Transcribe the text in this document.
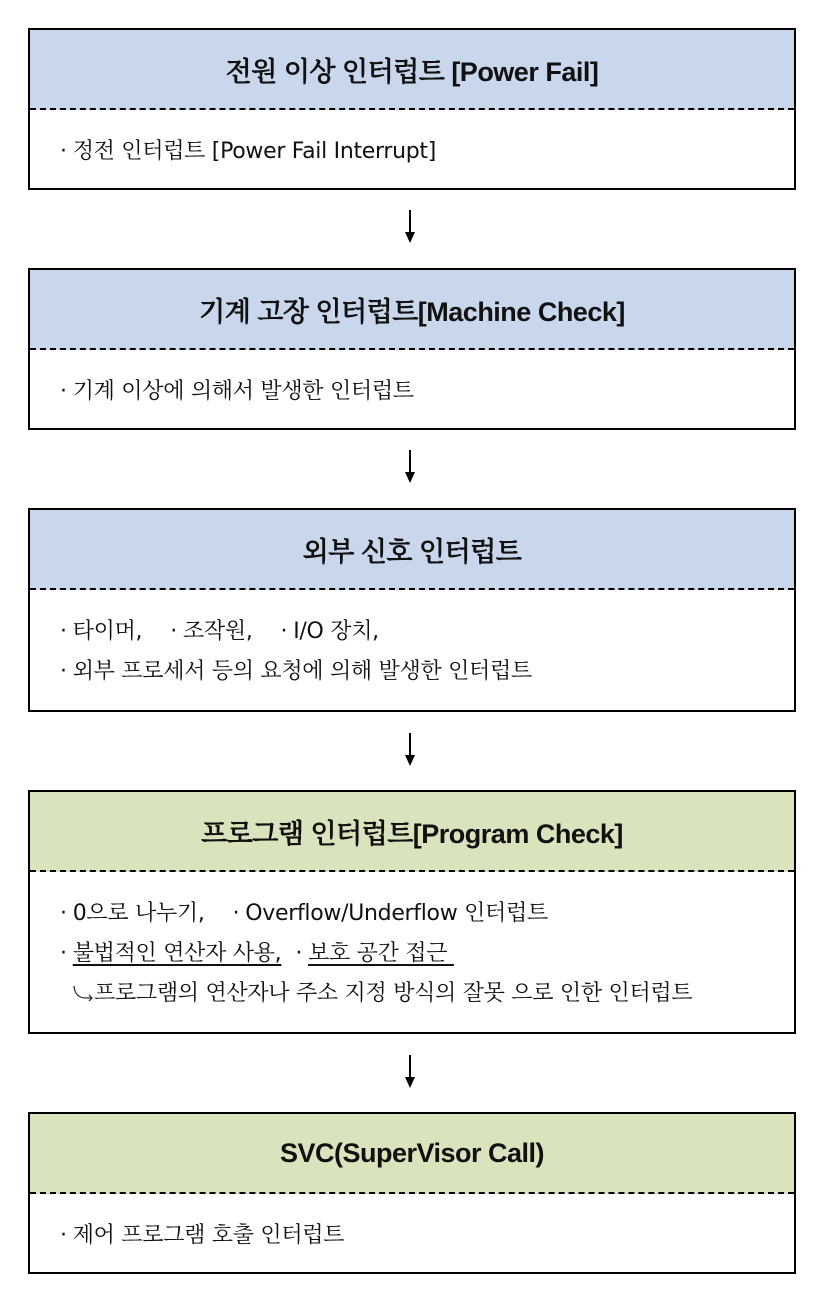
전원 이상 인터럽트 [Power Fail]
· 정전 인터럽트 [Power Fail Interrupt]
기계 고장 인터럽트[Machine Check]
· 기계 이상에 의해서 발생한 인터럽트
외부 신호 인터럽트
· 타이머, · 조작원, · I/O 장치,
· 외부 프로세서 등의 요청에 의해 발생한 인터럽트
프로그램 인터럽트[Program Check]
· 0으로 나누기, · Overflow/Underflow 인터럽트
· 불법적인 연산자 사용, · 보호 공간 접근
프로그램의 연산자나 주소 지정 방식의 잘못 으로 인한 인터럽트
SVC(SuperVisor Call)
· 제어 프로그램 호출 인터럽트
